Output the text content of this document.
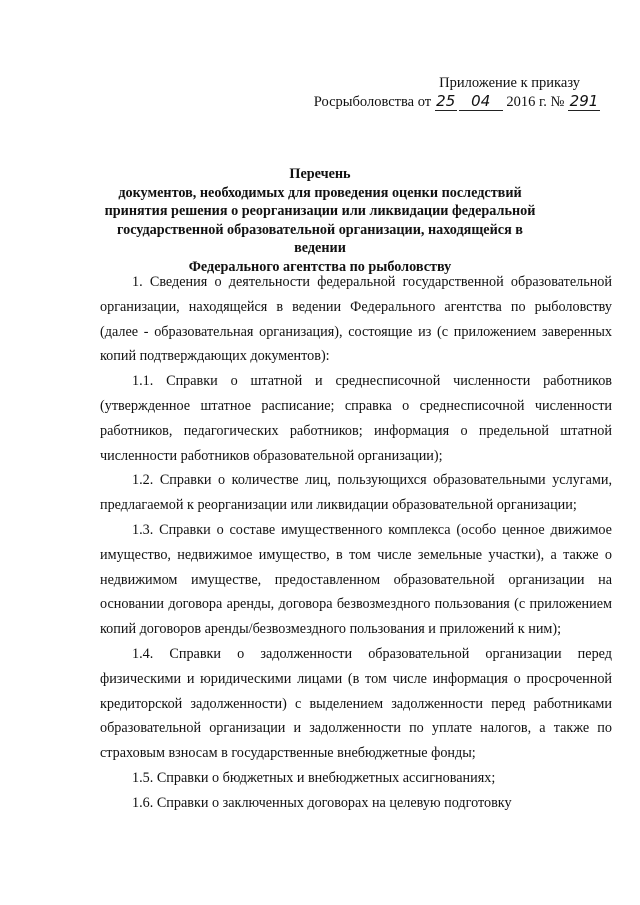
Приложение к приказу
Росрыболовства от 25 04 2016 г. № 291
Перечень
документов, необходимых для проведения оценки последствий
принятия решения о реорганизации или ликвидации федеральной
государственной образовательной организации, находящейся в ведении
Федерального агентства по рыболовству

1. Сведения о деятельности федеральной государственной образовательной организации, находящейся в ведении Федерального агентства по рыболовству (далее - образовательная организация), состоящие из (с приложением заверенных копий подтверждающих документов):

1.1. Справки о штатной и среднесписочной численности работников (утвержденное штатное расписание; справка о среднесписочной численности работников, педагогических работников; информация о предельной штатной численности работников образовательной организации);

1.2. Справки о количестве лиц, пользующихся образовательными услугами, предлагаемой к реорганизации или ликвидации образовательной организации;

1.3. Справки о составе имущественного комплекса (особо ценное движимое имущество, недвижимое имущество, в том числе земельные участки), а также о недвижимом имуществе, предоставленном образовательной организации на основании договора аренды, договора безвозмездного пользования (с приложением копий договоров аренды/безвозмездного пользования и приложений к ним);

1.4. Справки о задолженности образовательной организации перед физическими и юридическими лицами (в том числе информация о просроченной кредиторской задолженности) с выделением задолженности перед работниками образовательной организации и задолженности по уплате налогов, а также по страховым взносам в государственные внебюджетные фонды;

1.5. Справки о бюджетных и внебюджетных ассигнованиях;

1.6. Справки о заключенных договорах на целевую подготовку
